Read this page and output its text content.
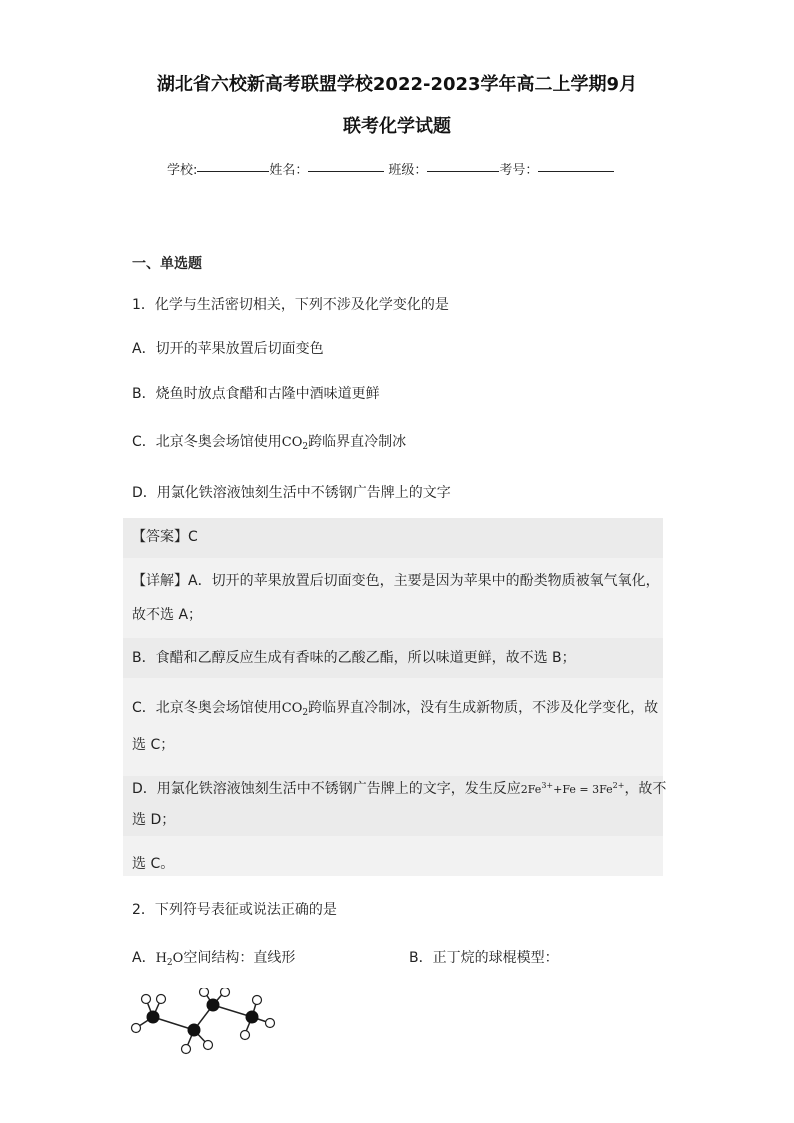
湖北省六校新高考联盟学校2022-2023学年高二上学期9月
联考化学试题
学校:	姓名：	班级：	考号：
一、单选题
1．化学与生活密切相关，下列不涉及化学变化的是
A．切开的苹果放置后切面变色
B．烧鱼时放点食醋和古隆中酒味道更鲜
C．北京冬奥会场馆使用$CO_2$跨临界直冷制冰
D．用氯化铁溶液蚀刻生活中不锈钢广告牌上的文字
【答案】C
【详解】A．切开的苹果放置后切面变色，主要是因为苹果中的酚类物质被氧气氧化，
故不选 A；
B．食醋和乙醇反应生成有香味的乙酸乙酯，所以味道更鲜，故不选 B；
C．北京冬奥会场馆使用$CO_2$跨临界直冷制冰，没有生成新物质，不涉及化学变化，故
选 C；
D．用氯化铁溶液蚀刻生活中不锈钢广告牌上的文字，发生反应$2Fe^{3+}+Fe = 3Fe^{2+}$，故不
选 D；
选 C。
2．下列符号表征或说法正确的是
A．$H_2O$空间结构：直线形	B．正丁烷的球棍模型：
